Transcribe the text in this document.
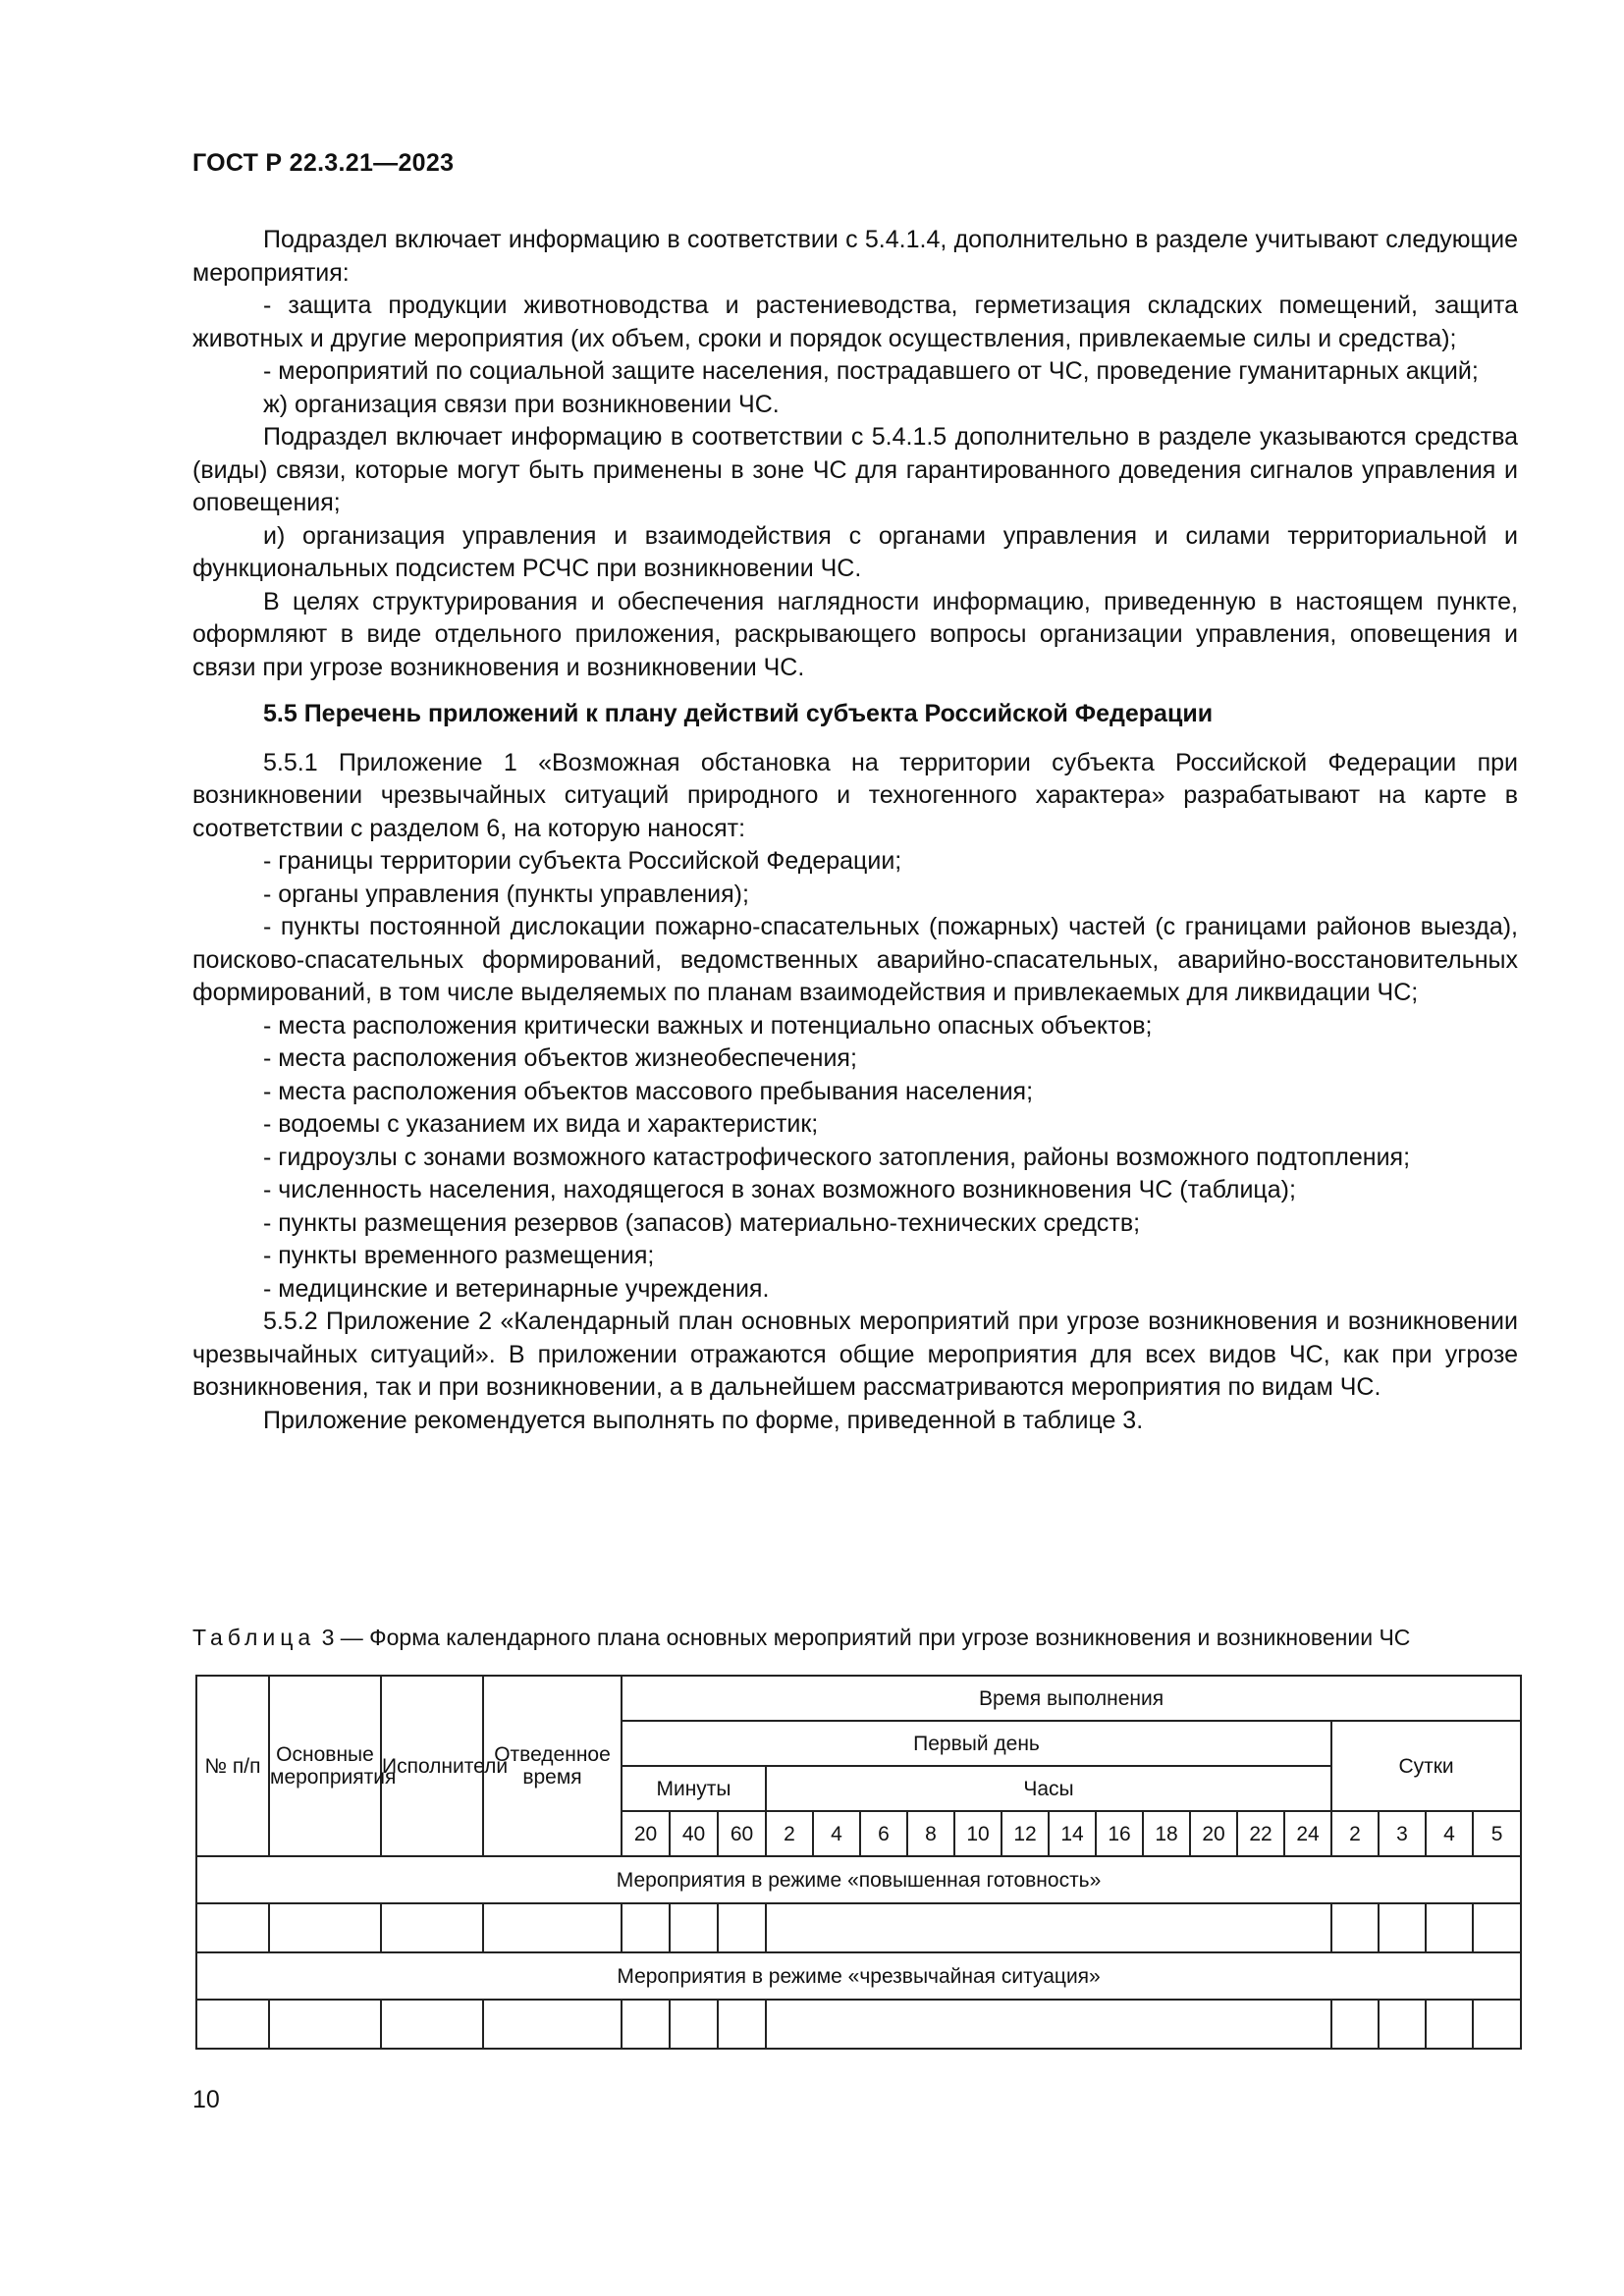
ГОСТ Р 22.3.21—2023

Подраздел включает информацию в соответствии с 5.4.1.4, дополнительно в разделе учитывают следующие мероприятия:

- защита продукции животноводства и растениеводства, герметизация складских помещений, защита животных и другие мероприятия (их объем, сроки и порядок осуществления, привлекаемые силы и средства);

- мероприятий по социальной защите населения, пострадавшего от ЧС, проведение гуманитарных акций;

ж) организация связи при возникновении ЧС.

Подраздел включает информацию в соответствии с 5.4.1.5 дополнительно в разделе указываются средства (виды) связи, которые могут быть применены в зоне ЧС для гарантированного доведения сигналов управления и оповещения;

и) организация управления и взаимодействия с органами управления и силами территориальной и функциональных подсистем РСЧС при возникновении ЧС.

В целях структурирования и обеспечения наглядности информацию, приведенную в настоящем пункте, оформляют в виде отдельного приложения, раскрывающего вопросы организации управления, оповещения и связи при угрозе возникновения и возникновении ЧС.

5.5 Перечень приложений к плану действий субъекта Российской Федерации

5.5.1 Приложение 1 «Возможная обстановка на территории субъекта Российской Федерации при возникновении чрезвычайных ситуаций природного и техногенного характера» разрабатывают на карте в соответствии с разделом 6, на которую наносят:

- границы территории субъекта Российской Федерации;

- органы управления (пункты управления);

- пункты постоянной дислокации пожарно-спасательных (пожарных) частей (с границами районов выезда), поисково-спасательных формирований, ведомственных аварийно-спасательных, аварийно-восстановительных формирований, в том числе выделяемых по планам взаимодействия и привлекаемых для ликвидации ЧС;

- места расположения критически важных и потенциально опасных объектов;

- места расположения объектов жизнеобеспечения;

- места расположения объектов массового пребывания населения;

- водоемы с указанием их вида и характеристик;

- гидроузлы с зонами возможного катастрофического затопления, районы возможного подтопления;

- численность населения, находящегося в зонах возможного возникновения ЧС (таблица);

- пункты размещения резервов (запасов) материально-технических средств;

- пункты временного размещения;

- медицинские и ветеринарные учреждения.

5.5.2 Приложение 2 «Календарный план основных мероприятий при угрозе возникновения и возникновении чрезвычайных ситуаций». В приложении отражаются общие мероприятия для всех видов ЧС, как при угрозе возникновения, так и при возникновении, а в дальнейшем рассматриваются мероприятия по видам ЧС.

Приложение рекомендуется выполнять по форме, приведенной в таблице 3.

Таблица 3 — Форма календарного плана основных мероприятий при угрозе возникновения и возникновении ЧС
№ п/п	Основные мероприятия	Исполнители	Отведенное время	Время выполнения																		
				Первый день															Сутки			
				Минуты			Часы															
				20	40	60	2	4	6	8	10	12	14	16	18	20	22	24	2	3	4	5
Мероприятия в режиме «повышенная готовность»																						

Мероприятия в режиме «чрезвычайная ситуация»																						

10
